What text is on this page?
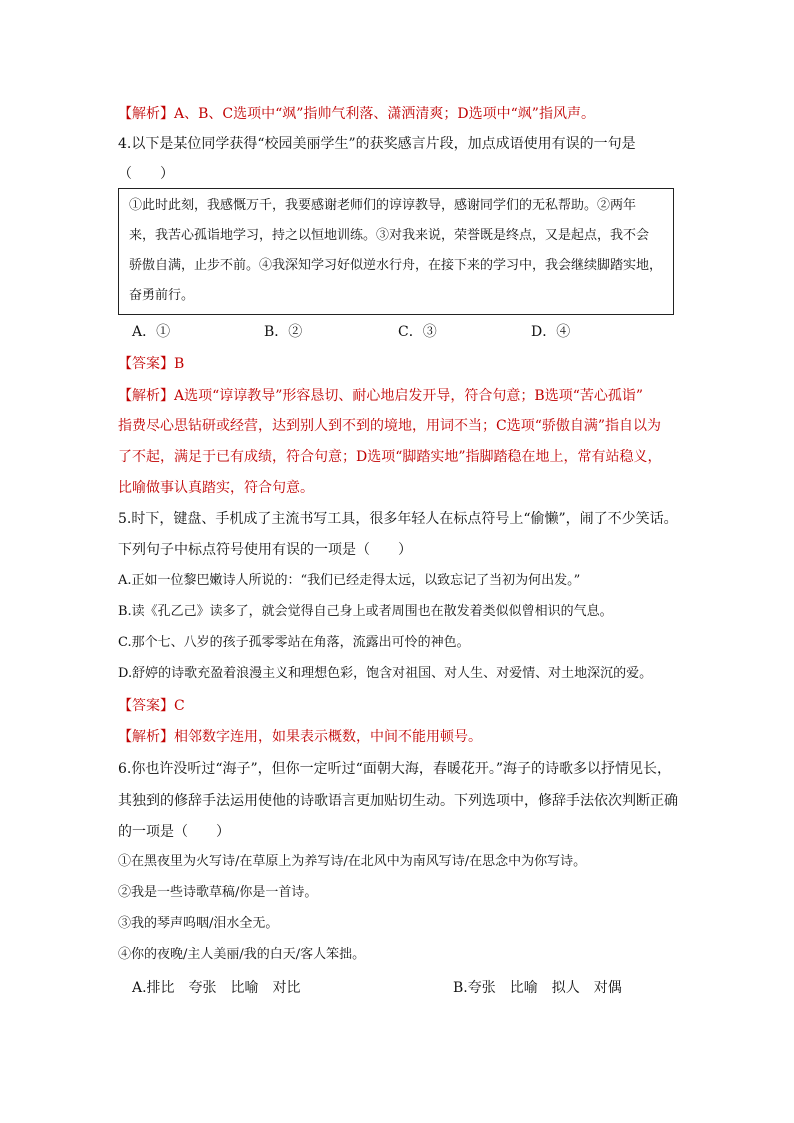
【解析】A、B、C选项中“飒”指帅气利落、潇洒清爽；D选项中“飒”指风声。
4.以下是某位同学获得“校园美丽学生”的获奖感言片段，加点成语使用有误的一句是
（　　）
①此时此刻，我感慨万千，我要感谢老师们的谆谆教导，感谢同学们的无私帮助。②两年
来，我苦心孤诣地学习，持之以恒地训练。③对我来说，荣誉既是终点，又是起点，我不会
骄傲自满，止步不前。④我深知学习好似逆水行舟，在接下来的学习中，我会继续脚踏实地，
奋勇前行。
A．①	B．②	C．③	D．④
【答案】B
【解析】A选项“谆谆教导”形容恳切、耐心地启发开导，符合句意；B选项“苦心孤诣”
指费尽心思钻研或经营，达到别人到不到的境地，用词不当；C选项“骄傲自满”指自以为
了不起，满足于已有成绩，符合句意；D选项“脚踏实地”指脚踏稳在地上，常有站稳义，
比喻做事认真踏实，符合句意。
5.时下，键盘、手机成了主流书写工具，很多年轻人在标点符号上“偷懒”，闹了不少笑话。
下列句子中标点符号使用有误的一项是（　　）
A.正如一位黎巴嫩诗人所说的：“我们已经走得太远，以致忘记了当初为何出发。”
B.读《孔乙己》读多了，就会觉得自己身上或者周围也在散发着类似似曾相识的气息。
C.那个七、八岁的孩子孤零零站在角落，流露出可怜的神色。
D.舒婷的诗歌充盈着浪漫主义和理想色彩，饱含对祖国、对人生、对爱情、对土地深沉的爱。
【答案】C
【解析】相邻数字连用，如果表示概数，中间不能用顿号。
6.你也许没听过“海子”，但你一定听过“面朝大海，春暖花开。”海子的诗歌多以抒情见长，
其独到的修辞手法运用使他的诗歌语言更加贴切生动。下列选项中，修辞手法依次判断正确
的一项是（　　）
①在黑夜里为火写诗/在草原上为养写诗/在北风中为南风写诗/在思念中为你写诗。
②我是一些诗歌草稿/你是一首诗。
③我的琴声呜咽/泪水全无。
④你的夜晚/主人美丽/我的白天/客人笨拙。
A.排比　夸张　比喻　对比	B.夸张　比喻　拟人　对偶
